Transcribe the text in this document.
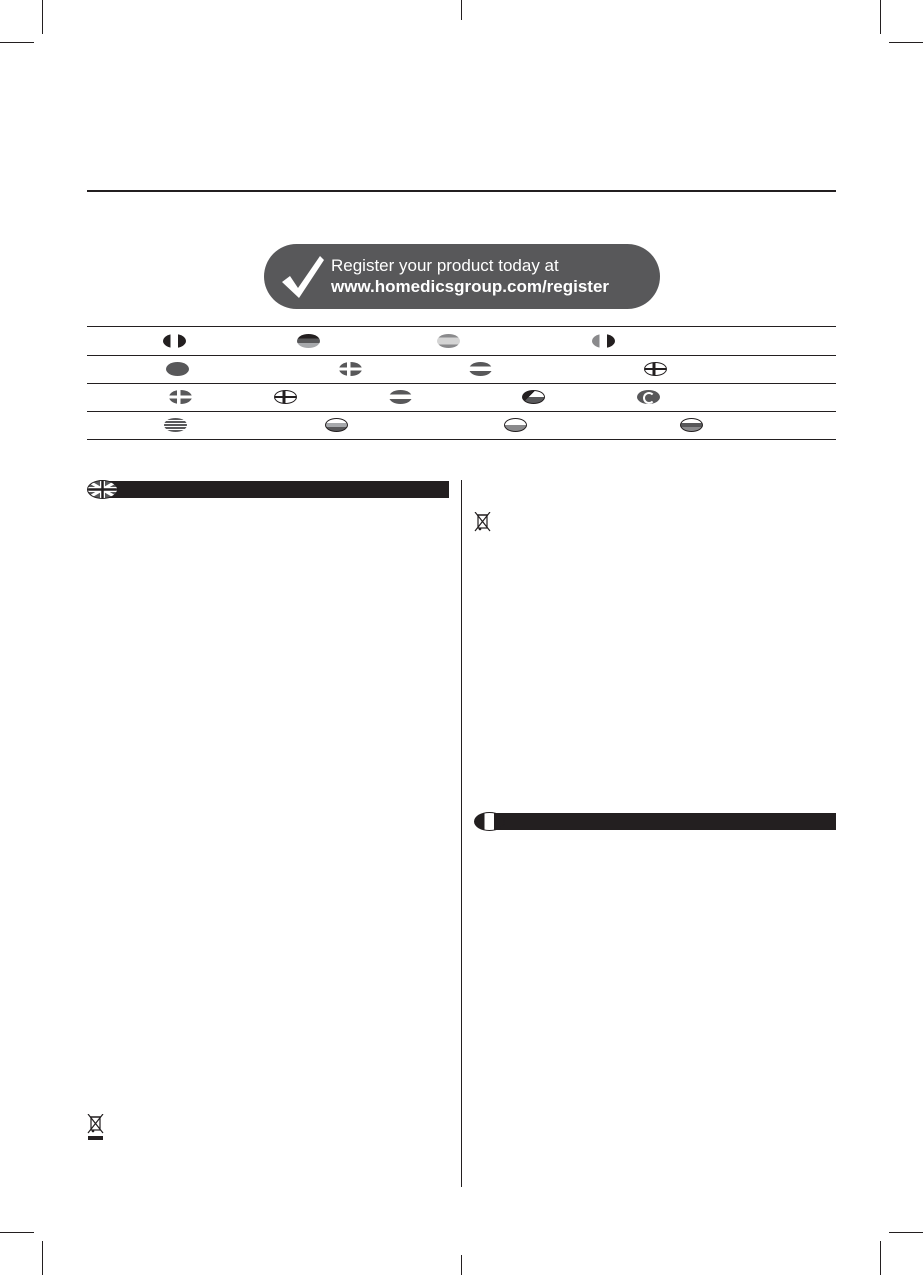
Register your product today at
www.homedicsgroup.com/register
